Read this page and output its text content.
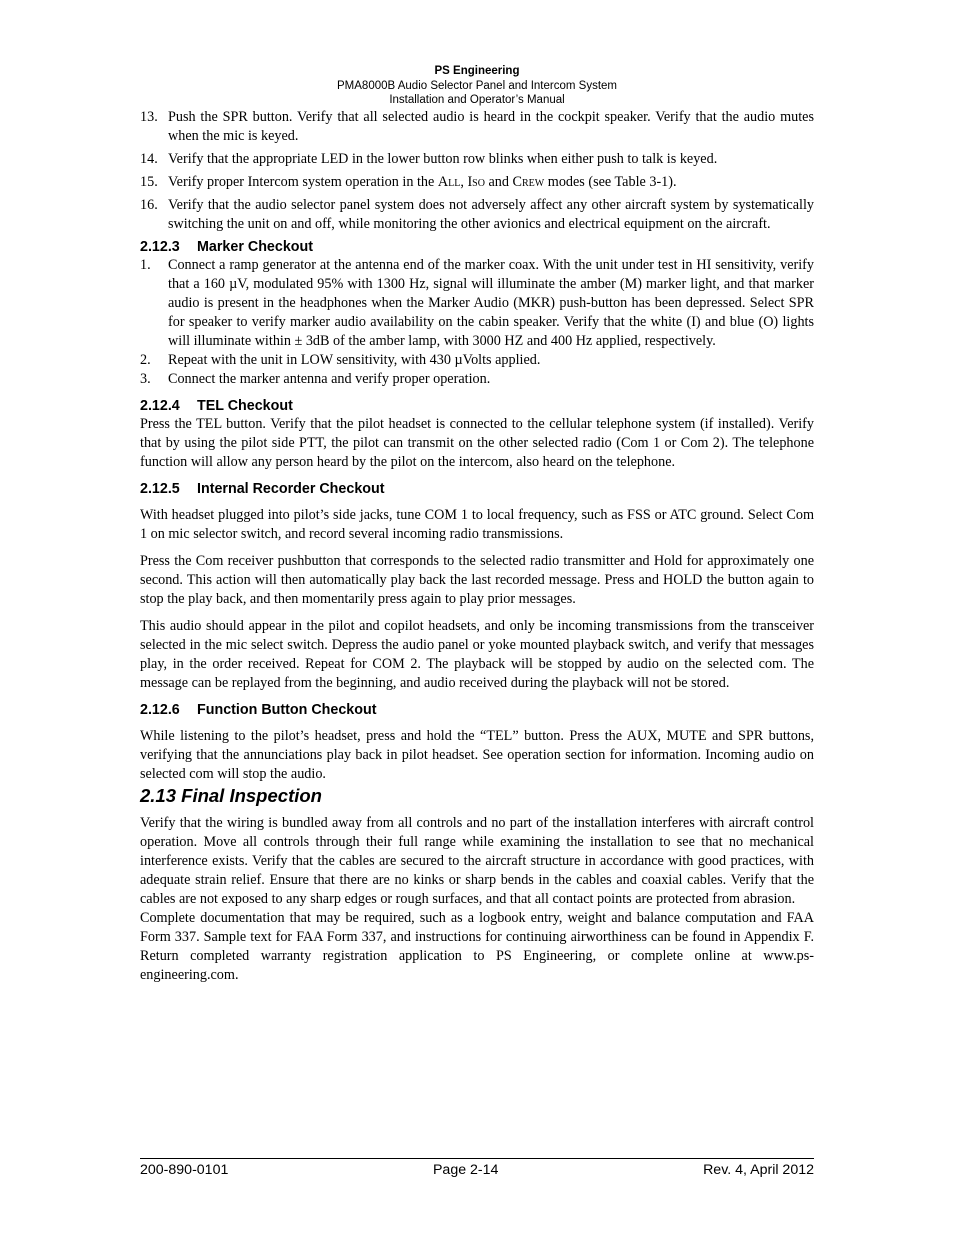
PS Engineering
PMA8000B Audio Selector Panel and Intercom System
Installation and Operator’s Manual
13. Push the SPR button. Verify that all selected audio is heard in the cockpit speaker. Verify that the audio mutes when the mic is keyed.
14. Verify that the appropriate LED in the lower button row blinks when either push to talk is keyed.
15. Verify proper Intercom system operation in the All, Iso and Crew modes (see Table 3-1).
16. Verify that the audio selector panel system does not adversely affect any other aircraft system by systematically switching the unit on and off, while monitoring the other avionics and electrical equipment on the aircraft.
2.12.3 Marker Checkout
1. Connect a ramp generator at the antenna end of the marker coax. With the unit under test in HI sensitivity, verify that a 160 µV, modulated 95% with 1300 Hz, signal will illuminate the amber (M) marker light, and that marker audio is present in the headphones when the Marker Audio (MKR) push-button has been depressed. Select SPR for speaker to verify marker audio availability on the cabin speaker. Verify that the white (I) and blue (O) lights will illuminate within ± 3dB of the amber lamp, with 3000 HZ and 400 Hz applied, respectively.
2. Repeat with the unit in LOW sensitivity, with 430 µVolts applied.
3. Connect the marker antenna and verify proper operation.
2.12.4 TEL Checkout

Press the TEL button. Verify that the pilot headset is connected to the cellular telephone system (if installed). Verify that by using the pilot side PTT, the pilot can transmit on the other selected radio (Com 1 or Com 2). The telephone function will allow any person heard by the pilot on the intercom, also heard on the telephone.

2.12.5 Internal Recorder Checkout

With headset plugged into pilot’s side jacks, tune COM 1 to local frequency, such as FSS or ATC ground. Select Com 1 on mic selector switch, and record several incoming radio transmissions.

Press the Com receiver pushbutton that corresponds to the selected radio transmitter and Hold for approximately one second. This action will then automatically play back the last recorded message. Press and HOLD the button again to stop the play back, and then momentarily press again to play prior messages.

This audio should appear in the pilot and copilot headsets, and only be incoming transmissions from the transceiver selected in the mic select switch. Depress the audio panel or yoke mounted playback switch, and verify that messages play, in the order received. Repeat for COM 2. The playback will be stopped by audio on the selected com. The message can be replayed from the beginning, and audio received during the playback will not be stored.

2.12.6 Function Button Checkout

While listening to the pilot’s headset, press and hold the “TEL” button. Press the AUX, MUTE and SPR buttons, verifying that the annunciations play back in pilot headset. See operation section for information. Incoming audio on selected com will stop the audio.

2.13 Final Inspection

Verify that the wiring is bundled away from all controls and no part of the installation interferes with aircraft control operation. Move all controls through their full range while examining the installation to see that no mechanical interference exists. Verify that the cables are secured to the aircraft structure in accordance with good practices, with adequate strain relief. Ensure that there are no kinks or sharp bends in the cables and coaxial cables. Verify that the cables are not exposed to any sharp edges or rough surfaces, and that all contact points are protected from abrasion.

Complete documentation that may be required, such as a logbook entry, weight and balance computation and FAA Form 337. Sample text for FAA Form 337, and instructions for continuing airworthiness can be found in Appendix F. Return completed warranty registration application to PS Engineering, or complete online at www.ps-engineering.com.

200-890-0101	Page 2-14	Rev. 4, April 2012
